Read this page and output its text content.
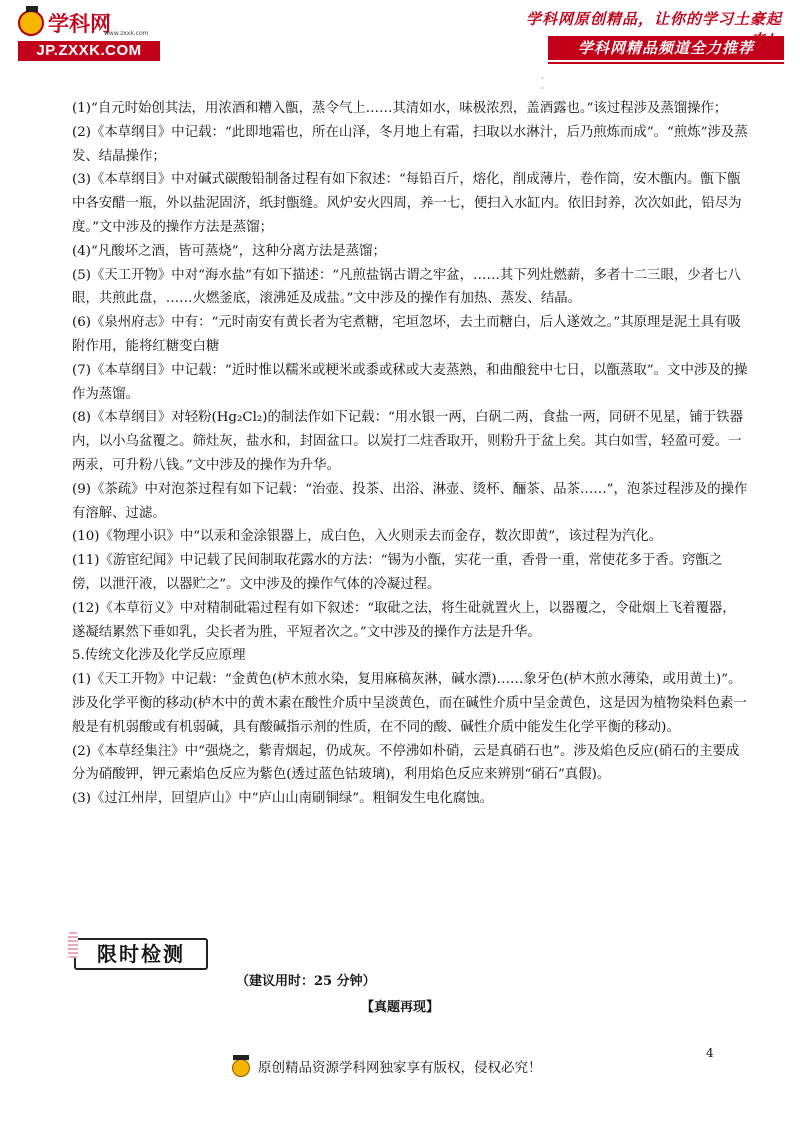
学科网
www.zxxk.com
JP.ZXXK.COM
学科网原创精品，让你的学习土豪起
学科网精品频道全力推荐
·
·

(1)“自元时始创其法，用浓酒和糟入甑，蒸令气上……其清如水，味极浓烈，盖酒露也。”该过程涉及蒸馏操作；

(2)《本草纲目》中记载：“此即地霜也，所在山泽，冬月地上有霜，扫取以水淋汁，后乃煎炼而成”。“煎炼”涉及蒸发、结晶操作；

(3)《本草纲目》中对碱式碳酸铅制备过程有如下叙述：“每铅百斤，熔化，削成薄片，卷作筒，安木甑内。甑下甑中各安醋一瓶，外以盐泥固济，纸封甑缝。风炉安火四周，养一七，便扫入水缸内。依旧封养，次次如此，铅尽为度。”文中涉及的操作方法是蒸馏；

(4)“凡酸坏之酒，皆可蒸烧”，这种分离方法是蒸馏；

(5)《天工开物》中对“海水盐”有如下描述：“凡煎盐锅古谓之牢盆，……其下列灶燃薪，多者十二三眼，少者七八眼，共煎此盘，……火燃釜底，滚沸延及成盐。”文中涉及的操作有加热、蒸发、结晶。

(6)《泉州府志》中有：“元时南安有黄长者为宅煮糖，宅垣忽坏，去土而糖白，后人遂效之。”其原理是泥土具有吸附作用，能将红糖变白糖

(7)《本草纲目》中记载：“近时惟以糯米或粳米或黍或秫或大麦蒸熟，和曲酿瓮中七日，以甑蒸取”。文中涉及的操作为蒸馏。

(8)《本草纲目》对轻粉(Hg₂Cl₂)的制法作如下记载：“用水银一两，白矾二两，食盐一两，同研不见星，铺于铁器内，以小乌盆覆之。筛灶灰，盐水和，封固盆口。以炭打二炷香取开，则粉升于盆上矣。其白如雪，轻盈可爱。一两汞，可升粉八钱。”文中涉及的操作为升华。

(9)《茶疏》中对泡茶过程有如下记载：“治壶、投茶、出浴、淋壶、烫杯、酾茶、品茶……”，泡茶过程涉及的操作有溶解、过滤。

(10)《物理小识》中“以汞和金涂银器上，成白色，入火则汞去而金存，数次即黄”，该过程为汽化。

(11)《游宦纪闻》中记载了民间制取花露水的方法：“锡为小甑，实花一重，香骨一重，常使花多于香。窍甑之傍，以泄汗液，以器贮之”。文中涉及的操作气体的冷凝过程。

(12)《本草衍义》中对精制砒霜过程有如下叙述：“取砒之法，将生砒就置火上，以器覆之，令砒烟上飞着覆器，遂凝结累然下垂如乳，尖长者为胜，平短者次之。”文中涉及的操作方法是升华。

5.传统文化涉及化学反应原理

(1)《天工开物》中记载：“金黄色(栌木煎水染，复用麻稿灰淋，碱水漂)……象牙色(栌木煎水薄染，或用黄土)”。涉及化学平衡的移动(栌木中的黄木素在酸性介质中呈淡黄色，而在碱性介质中呈金黄色，这是因为植物染料色素一般是有机弱酸或有机弱碱，具有酸碱指示剂的性质，在不同的酸、碱性介质中能发生化学平衡的移动)。

(2)《本草经集注》中“强烧之，紫青烟起，仍成灰。不停沸如朴硝，云是真硝石也”。涉及焰色反应(硝石的主要成分为硝酸钾，钾元素焰色反应为紫色(透过蓝色钴玻璃)，利用焰色反应来辨别“硝石”真假)。

(3)《过江州岸，回望庐山》中“庐山山南刷铜绿”。粗铜发生电化腐蚀。

限时检测
（建议用时：25 分钟）
【真题再现】
4
原创精品资源学科网独家享有版权，侵权必究！
